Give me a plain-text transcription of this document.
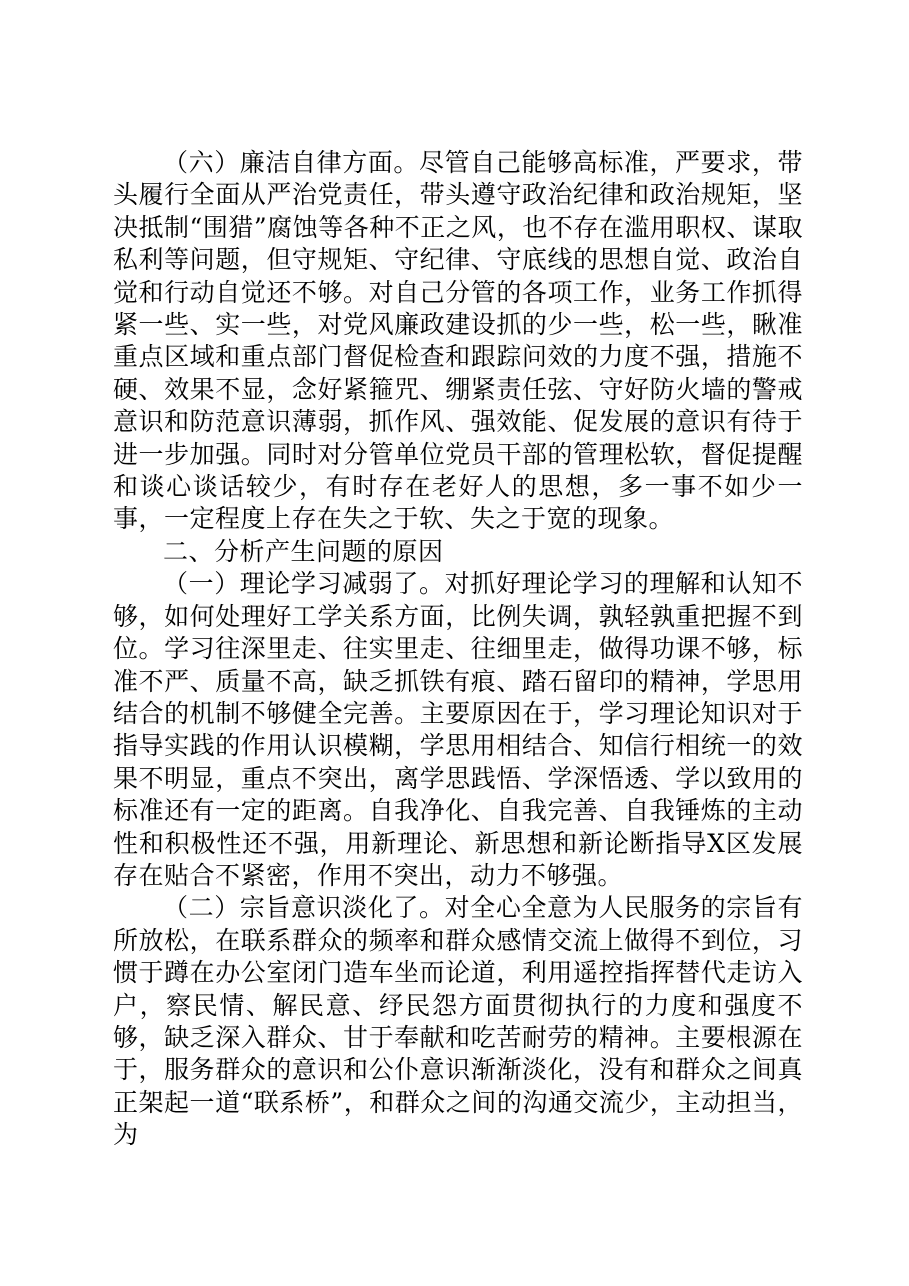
（六）廉洁自律方面。尽管自己能够高标准，严要求，带头履行全面从严治党责任，带头遵守政治纪律和政治规矩，坚决抵制“围猎”腐蚀等各种不正之风，也不存在滥用职权、谋取私利等问题，但守规矩、守纪律、守底线的思想自觉、政治自觉和行动自觉还不够。对自己分管的各项工作，业务工作抓得紧一些、实一些，对党风廉政建设抓的少一些，松一些，瞅准重点区域和重点部门督促检查和跟踪问效的力度不强，措施不硬、效果不显，念好紧箍咒、绷紧责任弦、守好防火墙的警戒意识和防范意识薄弱，抓作风、强效能、促发展的意识有待于进一步加强。同时对分管单位党员干部的管理松软，督促提醒和谈心谈话较少，有时存在老好人的思想，多一事不如少一事，一定程度上存在失之于软、失之于宽的现象。

二、分析产生问题的原因

（一）理论学习减弱了。对抓好理论学习的理解和认知不够，如何处理好工学关系方面，比例失调，孰轻孰重把握不到位。学习往深里走、往实里走、往细里走，做得功课不够，标准不严、质量不高，缺乏抓铁有痕、踏石留印的精神，学思用结合的机制不够健全完善。主要原因在于，学习理论知识对于指导实践的作用认识模糊，学思用相结合、知信行相统一的效果不明显，重点不突出，离学思践悟、学深悟透、学以致用的标准还有一定的距离。自我净化、自我完善、自我锤炼的主动性和积极性还不强，用新理论、新思想和新论断指导X区发展存在贴合不紧密，作用不突出，动力不够强。

（二）宗旨意识淡化了。对全心全意为人民服务的宗旨有所放松，在联系群众的频率和群众感情交流上做得不到位，习惯于蹲在办公室闭门造车坐而论道，利用遥控指挥替代走访入户，察民情、解民意、纾民怨方面贯彻执行的力度和强度不够，缺乏深入群众、甘于奉献和吃苦耐劳的精神。主要根源在于，服务群众的意识和公仆意识渐渐淡化，没有和群众之间真正架起一道“联系桥”，和群众之间的沟通交流少，主动担当，为
